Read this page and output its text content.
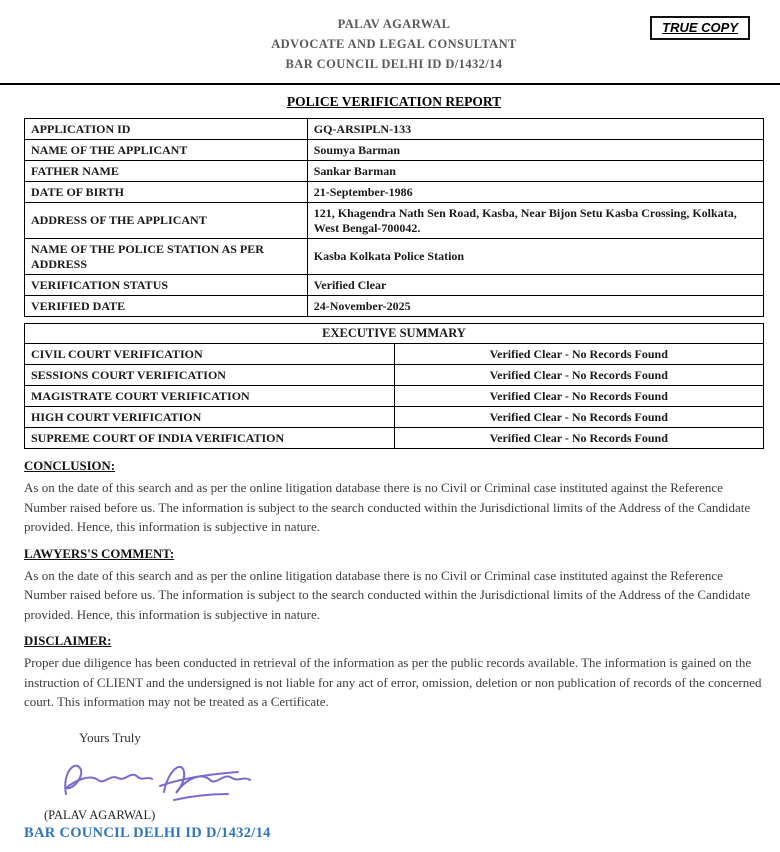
TRUE COPY
PALAV AGARWAL
ADVOCATE AND LEGAL CONSULTANT
BAR COUNCIL DELHI ID D/1432/14
POLICE VERIFICATION REPORT
APPLICATION ID	GQ-ARSIPLN-133
NAME OF THE APPLICANT	Soumya Barman
FATHER NAME	Sankar Barman
DATE OF BIRTH	21-September-1986
ADDRESS OF THE APPLICANT	121, Khagendra Nath Sen Road, Kasba, Near Bijon Setu Kasba Crossing, Kolkata, West Bengal-700042.
NAME OF THE POLICE STATION AS PER ADDRESS	Kasba Kolkata Police Station
VERIFICATION STATUS	Verified Clear
VERIFIED DATE	24-November-2025
EXECUTIVE SUMMARY	
CIVIL COURT VERIFICATION	Verified Clear - No Records Found
SESSIONS COURT VERIFICATION	Verified Clear - No Records Found
MAGISTRATE COURT VERIFICATION	Verified Clear - No Records Found
HIGH COURT VERIFICATION	Verified Clear - No Records Found
SUPREME COURT OF INDIA VERIFICATION	Verified Clear - No Records Found
CONCLUSION:

As on the date of this search and as per the online litigation database there is no Civil or Criminal case instituted against the Reference Number raised before us. The information is subject to the search conducted within the Jurisdictional limits of the Address of the Candidate provided. Hence, this information is subjective in nature.

LAWYERS'S COMMENT:

As on the date of this search and as per the online litigation database there is no Civil or Criminal case instituted against the Reference Number raised before us. The information is subject to the search conducted within the Jurisdictional limits of the Address of the Candidate provided. Hence, this information is subjective in nature.

DISCLAIMER:

Proper due diligence has been conducted in retrieval of the information as per the public records available. The information is gained on the instruction of CLIENT and the undersigned is not liable for any act of error, omission, deletion or non publication of records of the concerned court. This information may not be treated as a Certificate.

Yours Truly
(PALAV AGARWAL)
BAR COUNCIL DELHI ID D/1432/14
